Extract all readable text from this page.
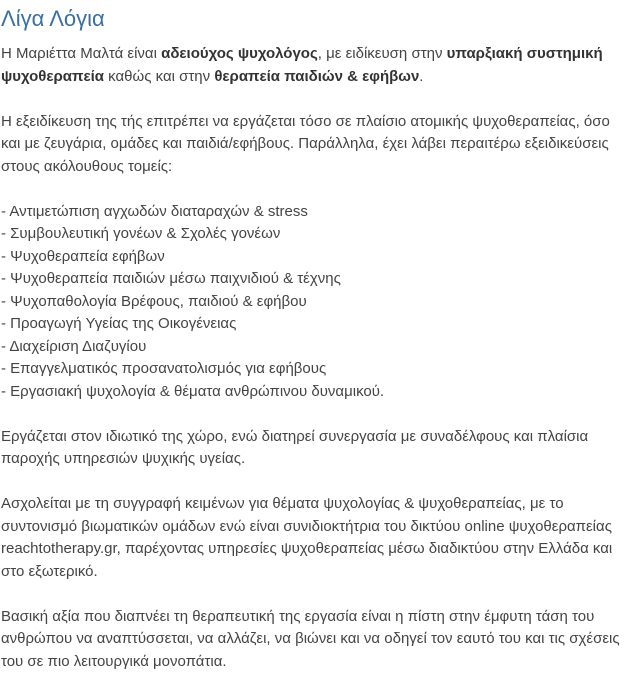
Λίγα Λόγια

Η Μαριέττα Μαλτά είναι αδειούχος ψυχολόγος, με ειδίκευση στην υπαρξιακή συστημική ψυχοθεραπεία καθώς και στην θεραπεία παιδιών & εφήβων.

Η εξειδίκευση της τής επιτρέπει να εργάζεται τόσο σε πλαίσιο ατομικής ψυχοθεραπείας, όσο και με ζευγάρια, ομάδες και παιδιά/εφήβους. Παράλληλα, έχει λάβει περαιτέρω εξειδικεύσεις στους ακόλουθους τομείς:

- Αντιμετώπιση αγχωδών διαταραχών & stress
- Συμβουλευτική γονέων & Σχολές γονέων
- Ψυχοθεραπεία εφήβων
- Ψυχοθεραπεία παιδιών μέσω παιχνιδιού & τέχνης
- Ψυχοπαθολογία Βρέφους, παιδιού & εφήβου
- Προαγωγή Υγείας της Οικογένειας
- Διαχείριση Διαζυγίου
- Επαγγελματικός προσανατολισμός για εφήβους
- Εργασιακή ψυχολογία & θέματα ανθρώπινου δυναμικού.

Εργάζεται στον ιδιωτικό της χώρο, ενώ διατηρεί συνεργασία με συναδέλφους και πλαίσια παροχής υπηρεσιών ψυχικής υγείας.

Ασχολείται με τη συγγραφή κειμένων για θέματα ψυχολογίας & ψυχοθεραπείας, με το συντονισμό βιωματικών ομάδων ενώ είναι συνιδιοκτήτρια του δικτύου online ψυχοθεραπείας reachtotherapy.gr, παρέχοντας υπηρεσίες ψυχοθεραπείας μέσω διαδικτύου στην Ελλάδα και στο εξωτερικό.

Βασική αξία που διαπνέει τη θεραπευτική της εργασία είναι η πίστη στην έμφυτη τάση του ανθρώπου να αναπτύσσεται, να αλλάζει, να βιώνει και να οδηγεί τον εαυτό του και τις σχέσεις του σε πιο λειτουργικά μονοπάτια.
